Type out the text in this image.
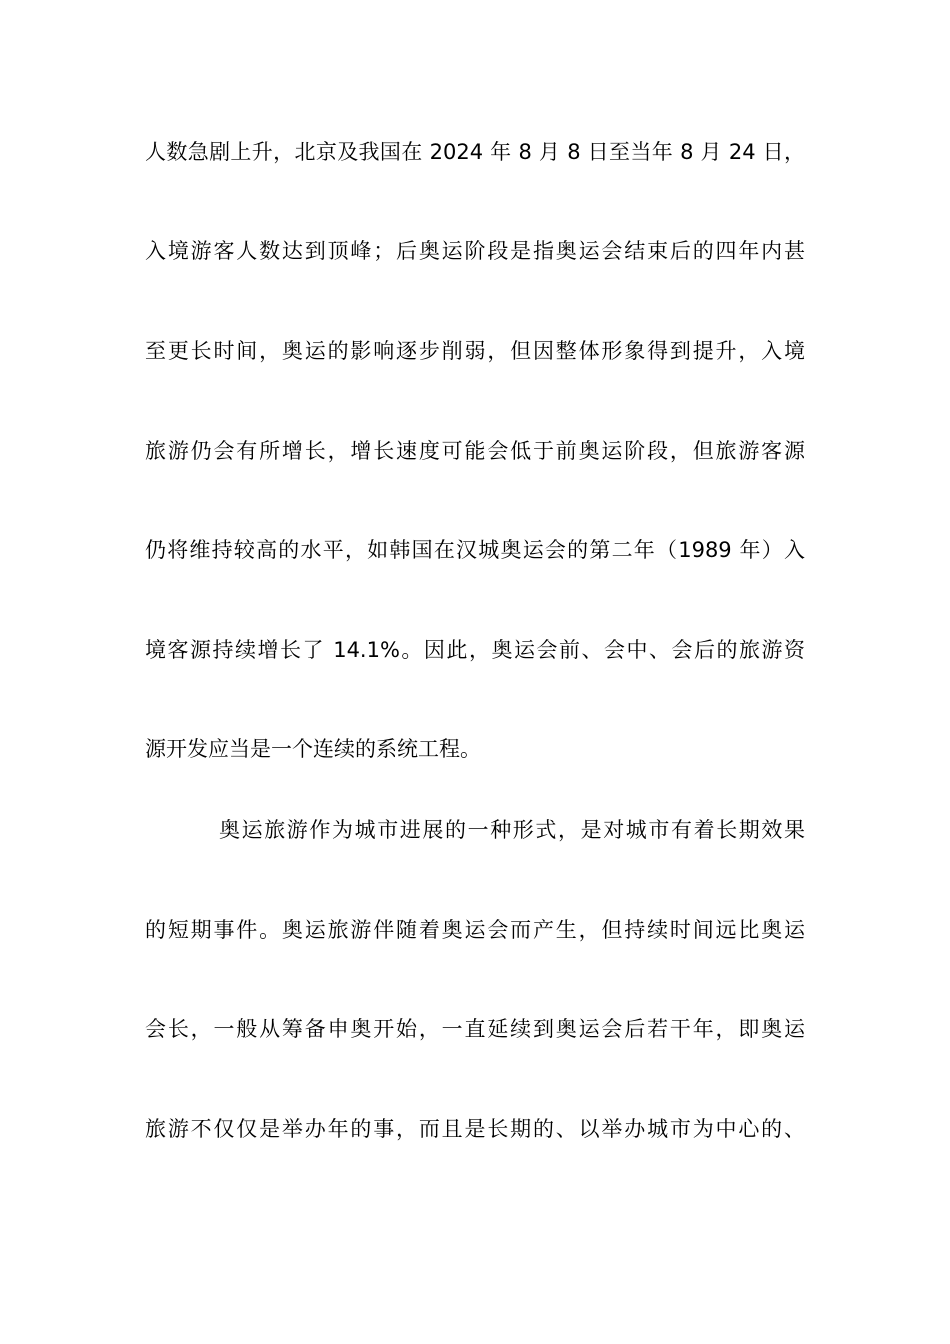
人数急剧上升，北京及我国在 2024 年 8 月 8 日至当年 8 月 24 日，
入境游客人数达到顶峰；后奥运阶段是指奥运会结束后的四年内甚
至更长时间，奥运的影响逐步削弱，但因整体形象得到提升，入境
旅游仍会有所增长，增长速度可能会低于前奥运阶段，但旅游客源
仍将维持较高的水平，如韩国在汉城奥运会的第二年（1989 年）入
境客源持续增长了 14.1%。因此，奥运会前、会中、会后的旅游资
源开发应当是一个连续的系统工程。
奥运旅游作为城市进展的一种形式，是对城市有着长期效果
的短期事件。奥运旅游伴随着奥运会而产生，但持续时间远比奥运
会长，一般从筹备申奥开始，一直延续到奥运会后若干年，即奥运
旅游不仅仅是举办年的事，而且是长期的、以举办城市为中心的、
